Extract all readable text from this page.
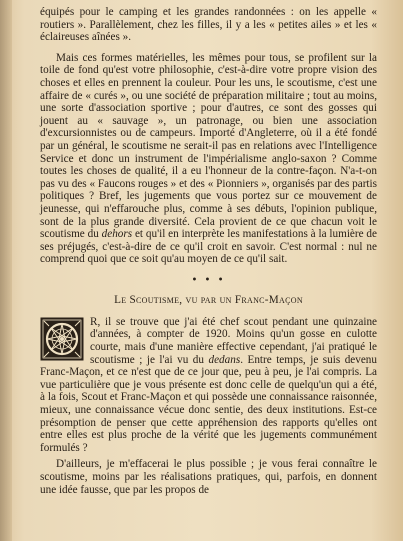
équipés pour le camping et les grandes randonnées : on les appelle « routiers ». Parallèlement, chez les filles, il y a les « petites ailes » et les « éclaireuses aînées ».

Mais ces formes matérielles, les mêmes pour tous, se profilent sur la toile de fond qu'est votre philosophie, c'est-à-dire votre propre vision des choses et elles en prennent la couleur. Pour les uns, le scoutisme, c'est une affaire de « curés », ou une société de préparation militaire ; tout au moins, une sorte d'association sportive ; pour d'autres, ce sont des gosses qui jouent au « sauvage », un patronage, ou bien une association d'excursionnistes ou de campeurs. Importé d'Angleterre, où il a été fondé par un général, le scoutisme ne serait-il pas en relations avec l'Intelligence Service et donc un instrument de l'impérialisme anglo-saxon ? Comme toutes les choses de qualité, il a eu l'honneur de la contre-façon. N'a-t-on pas vu des « Faucons rouges » et des « Pionniers », organisés par des partis politiques ? Bref, les jugements que vous portez sur ce mouvement de jeunesse, qui n'effarouche plus, comme à ses débuts, l'opinion publique, sont de la plus grande diversité. Cela provient de ce que chacun voit le scoutisme du dehors et qu'il en interprète les manifestations à la lumière de ses préjugés, c'est-à-dire de ce qu'il croit en savoir. C'est normal : nul ne comprend quoi que ce soit qu'au moyen de ce qu'il sait.

• • •
Le Scoutisme, vu par un Franc-Maçon

R, il se trouve que j'ai été chef scout pendant une quinzaine d'années, à compter de 1920. Moins qu'un gosse en culotte courte, mais d'une manière effective cependant, j'ai pratiqué le scoutisme ; je l'ai vu du dedans. Entre temps, je suis devenu Franc-Maçon, et ce n'est que de ce jour que, peu à peu, je l'ai compris. La vue particulière que je vous présente est donc celle de quelqu'un qui a été, à la fois, Scout et Franc-Maçon et qui possède une connaissance raisonnée, mieux, une connaissance vécue donc sentie, des deux institutions. Est-ce présomption de penser que cette appréhension des rapports qu'elles ont entre elles est plus proche de la vérité que les jugements communément formulés ?

D'ailleurs, je m'effacerai le plus possible ; je vous ferai connaître le scoutisme, moins par les réalisations pratiques, qui, parfois, en donnent une idée fausse, que par les propos de
